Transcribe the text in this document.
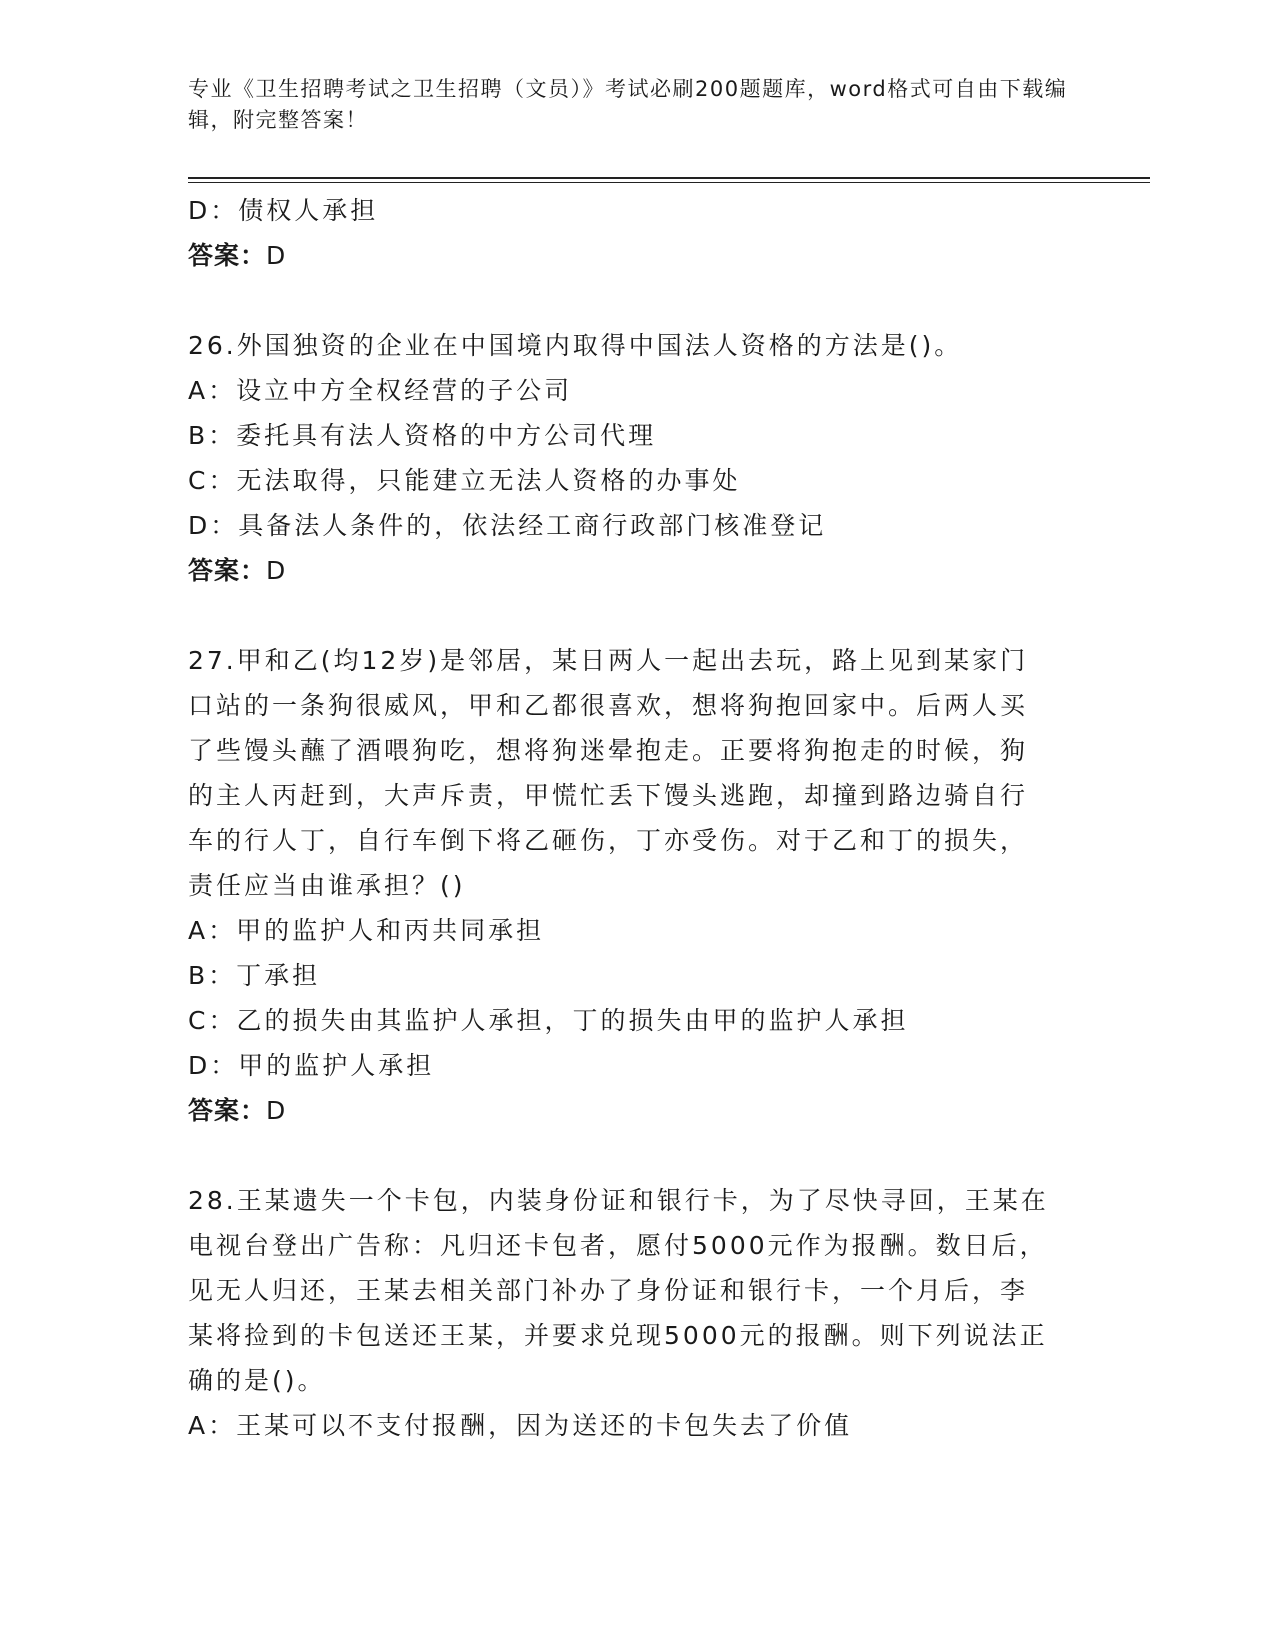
专业《卫生招聘考试之卫生招聘（文员）》考试必刷200题题库，word格式可自由下载编辑，附完整答案！
D：债权人承担
答案：D
26.外国独资的企业在中国境内取得中国法人资格的方法是()。
A：设立中方全权经营的子公司
B：委托具有法人资格的中方公司代理
C：无法取得，只能建立无法人资格的办事处
D：具备法人条件的，依法经工商行政部门核准登记
答案：D
27.甲和乙(均12岁)是邻居，某日两人一起出去玩，路上见到某家门
口站的一条狗很威风，甲和乙都很喜欢，想将狗抱回家中。后两人买
了些馒头蘸了酒喂狗吃，想将狗迷晕抱走。正要将狗抱走的时候，狗
的主人丙赶到，大声斥责，甲慌忙丢下馒头逃跑，却撞到路边骑自行
车的行人丁，自行车倒下将乙砸伤，丁亦受伤。对于乙和丁的损失，
责任应当由谁承担？()
A：甲的监护人和丙共同承担
B：丁承担
C：乙的损失由其监护人承担，丁的损失由甲的监护人承担
D：甲的监护人承担
答案：D
28.王某遗失一个卡包，内装身份证和银行卡，为了尽快寻回，王某在
电视台登出广告称：凡归还卡包者，愿付5000元作为报酬。数日后，
见无人归还，王某去相关部门补办了身份证和银行卡，一个月后，李
某将捡到的卡包送还王某，并要求兑现5000元的报酬。则下列说法正
确的是()。
A：王某可以不支付报酬，因为送还的卡包失去了价值
